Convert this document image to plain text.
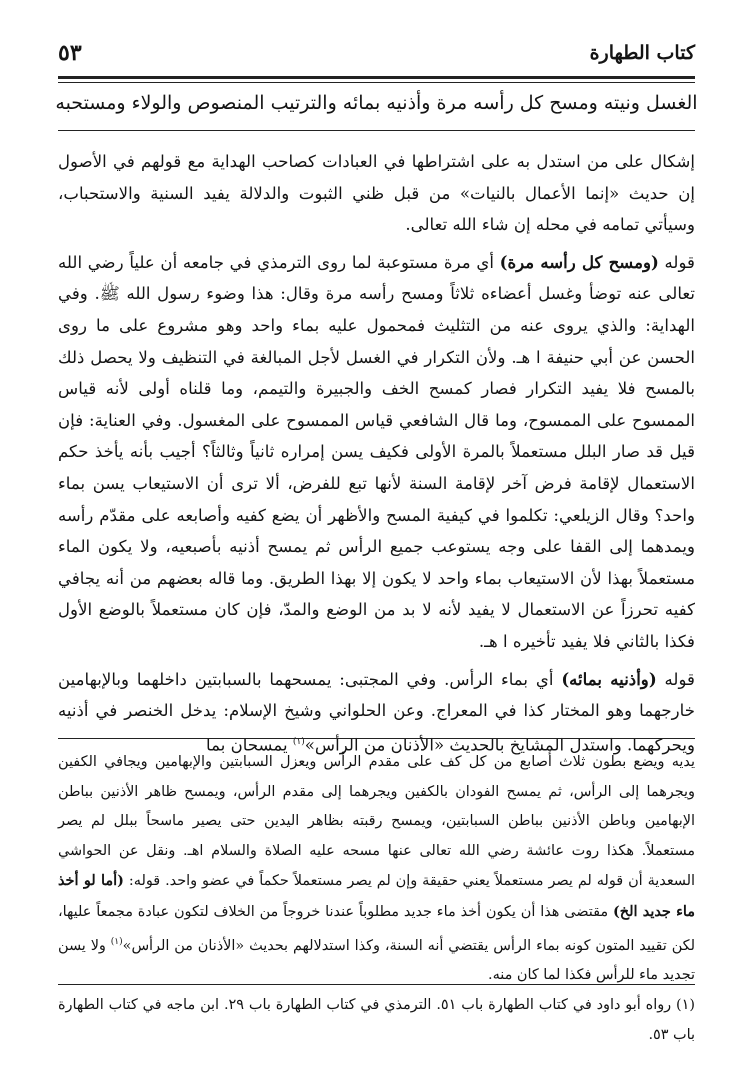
كتاب الطهارة
٥٣
الغسل ونيته ومسح كل رأسه مرة وأذنيه بمائه والترتيب المنصوص والولاء ومستحبه

إشكال على من استدل به على اشتراطها في العبادات كصاحب الهداية مع قولهم في الأصول إن حديث «إنما الأعمال بالنيات» من قبل ظني الثبوت والدلالة يفيد السنية والاستحباب، وسيأتي تمامه في محله إن شاء الله تعالى.

قوله (ومسح كل رأسه مرة) أي مرة مستوعبة لما روى الترمذي في جامعه أن علياً رضي الله تعالى عنه توضأ وغسل أعضاءه ثلاثاً ومسح رأسه مرة وقال: هذا وضوء رسول الله ﷺ. وفي الهداية: والذي يروى عنه من التثليث فمحمول عليه بماء واحد وهو مشروع على ما روى الحسن عن أبي حنيفة ا هـ. ولأن التكرار في الغسل لأجل المبالغة في التنظيف ولا يحصل ذلك بالمسح فلا يفيد التكرار فصار كمسح الخف والجبيرة والتيمم، وما قلناه أولى لأنه قياس الممسوح على الممسوح، وما قال الشافعي قياس الممسوح على المغسول. وفي العناية: فإن قيل قد صار البلل مستعملاً بالمرة الأولى فكيف يسن إمراره ثانياً وثالثاً؟ أجيب بأنه يأخذ حكم الاستعمال لإقامة فرض آخر لإقامة السنة لأنها تبع للفرض، ألا ترى أن الاستيعاب يسن بماء واحد؟ وقال الزيلعي: تكلموا في كيفية المسح والأظهر أن يضع كفيه وأصابعه على مقدّم رأسه ويمدهما إلى القفا على وجه يستوعب جميع الرأس ثم يمسح أذنيه بأصبعيه، ولا يكون الماء مستعملاً بهذا لأن الاستيعاب بماء واحد لا يكون إلا بهذا الطريق. وما قاله بعضهم من أنه يجافي كفيه تحرزاً عن الاستعمال لا يفيد لأنه لا بد من الوضع والمدّ، فإن كان مستعملاً بالوضع الأول فكذا بالثاني فلا يفيد تأخيره ا هـ.

قوله (وأذنيه بمائه) أي بماء الرأس. وفي المجتبى: يمسحهما بالسبابتين داخلهما وبالإبهامين خارجهما وهو المختار كذا في المعراج. وعن الحلواني وشيخ الإسلام: يدخل الخنصر في أذنيه ويحركهما. واستدل المشايخ بالحديث «الأذنان من الرأس»$^{(١)}$ يمسحان بما

يديه ويضع بطون ثلاث أصابع من كل كف على مقدم الرأس ويعزل السبابتين والإبهامين ويجافي الكفين ويجرهما إلى الرأس، ثم يمسح الفودان بالكفين ويجرهما إلى مقدم الرأس، ويمسح ظاهر الأذنين بباطن الإبهامين وباطن الأذنين بباطن السبابتين، ويمسح رقبته بظاهر اليدين حتى يصير ماسحاً ببلل لم يصر مستعملاً. هكذا روت عائشة رضي الله تعالى عنها مسحه عليه الصلاة والسلام اهـ. ونقل عن الحواشي السعدية أن قوله لم يصر مستعملاً يعني حقيقة وإن لم يصر مستعملاً حكماً في عضو واحد. قوله: (أما لو أخذ ماء جديد الخ) مقتضى هذا أن يكون أخذ ماء جديد مطلوباً عندنا خروجاً من الخلاف لتكون عبادة مجمعاً عليها، لكن تقييد المتون كونه بماء الرأس يقتضي أنه السنة، وكذا استدلالهم بحديث «الأذنان من الرأس»$^{(١)}$ ولا يسن تجديد ماء للرأس فكذا لما كان منه.

(١) رواه أبو داود في كتاب الطهارة باب ٥١. الترمذي في كتاب الطهارة باب ٢٩. ابن ماجه في كتاب الطهارة باب ٥٣.
